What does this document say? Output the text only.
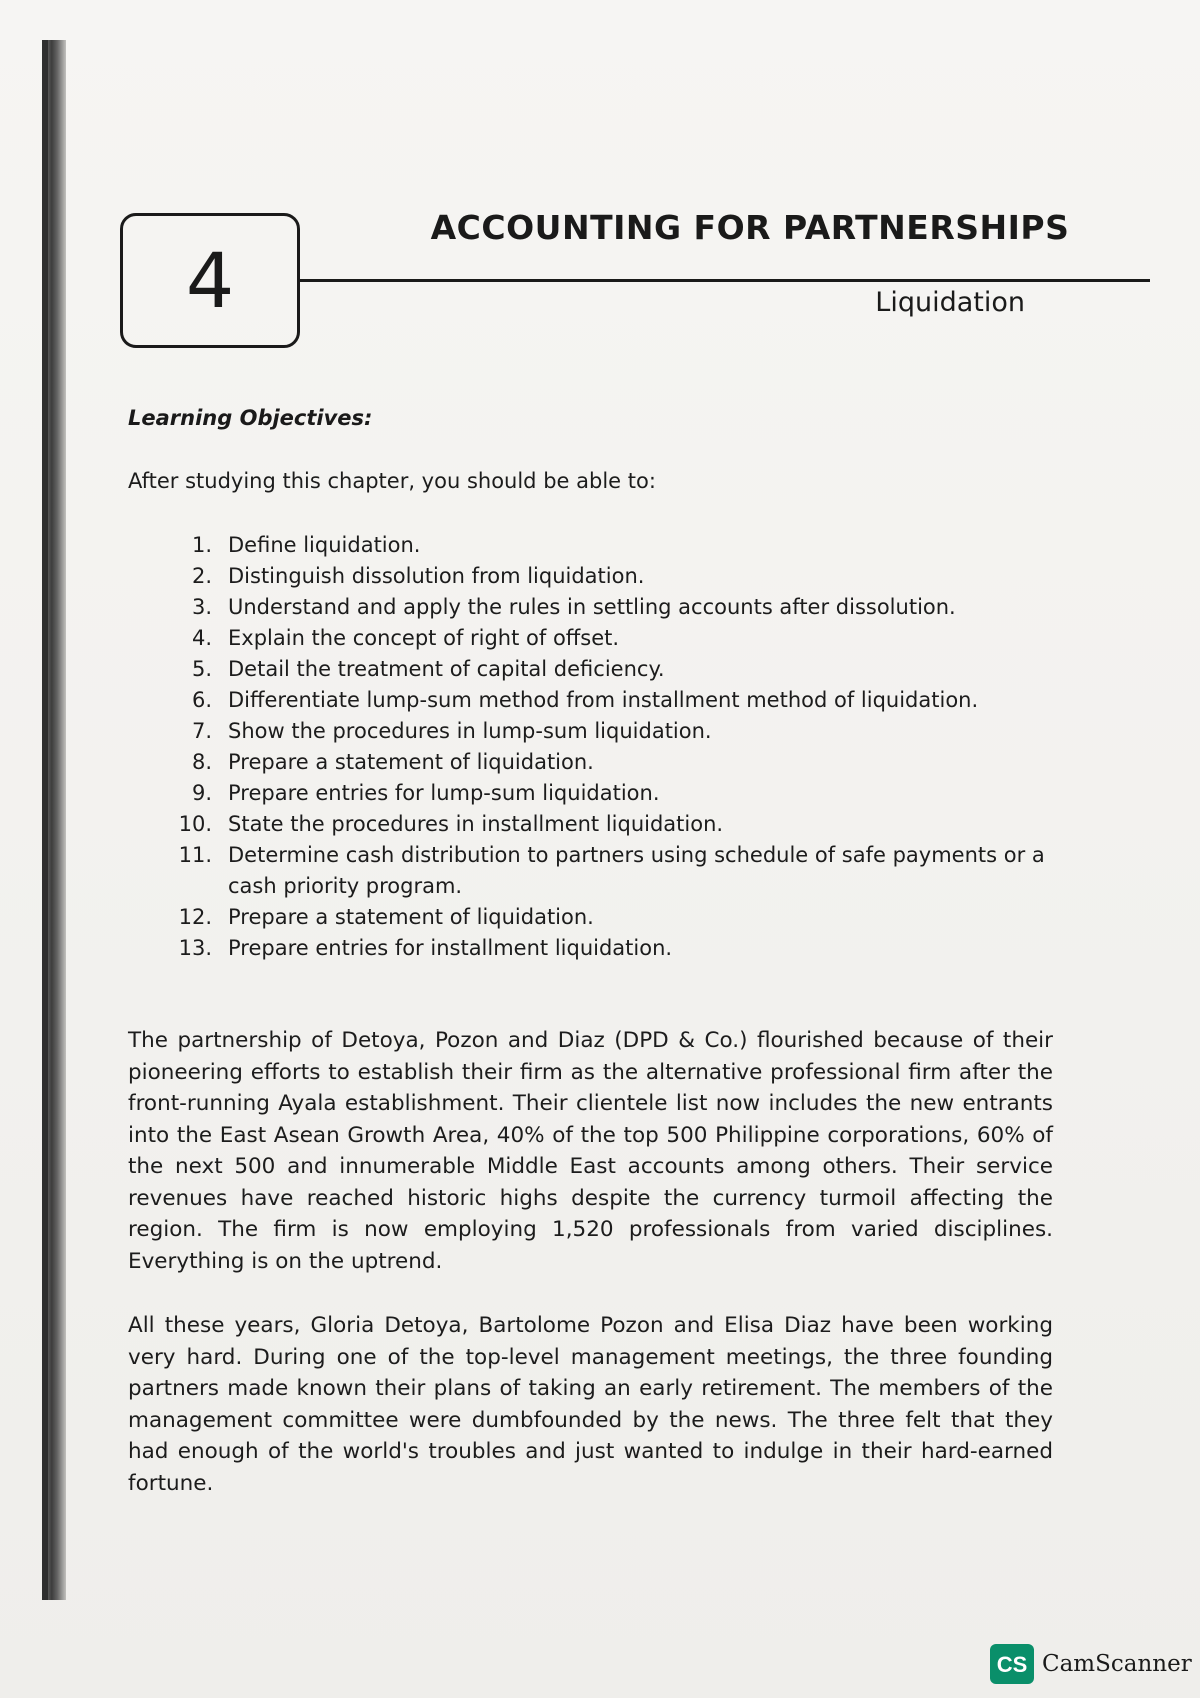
4
ACCOUNTING FOR PARTNERSHIPS
Liquidation
Learning Objectives:
After studying this chapter, you should be able to:
1. Define liquidation.
2. Distinguish dissolution from liquidation.
3. Understand and apply the rules in settling accounts after dissolution.
4. Explain the concept of right of offset.
5. Detail the treatment of capital deficiency.
6. Differentiate lump-sum method from installment method of liquidation.
7. Show the procedures in lump-sum liquidation.
8. Prepare a statement of liquidation.
9. Prepare entries for lump-sum liquidation.
10. State the procedures in installment liquidation.
11. Determine cash distribution to partners using schedule of safe payments or a cash priority program.
12. Prepare a statement of liquidation.
13. Prepare entries for installment liquidation.

The partnership of Detoya, Pozon and Diaz (DPD & Co.) flourished because of their pioneering efforts to establish their firm as the alternative professional firm after the front-running Ayala establishment. Their clientele list now includes the new entrants into the East Asean Growth Area, 40% of the top 500 Philippine corporations, 60% of the next 500 and innumerable Middle East accounts among others. Their service revenues have reached historic highs despite the currency turmoil affecting the region. The firm is now employing 1,520 professionals from varied disciplines. Everything is on the uptrend.

All these years, Gloria Detoya, Bartolome Pozon and Elisa Diaz have been working very hard. During one of the top-level management meetings, the three founding partners made known their plans of taking an early retirement. The members of the management committee were dumbfounded by the news. The three felt that they had enough of the world's troubles and just wanted to indulge in their hard-earned fortune.

CS CamScanner
